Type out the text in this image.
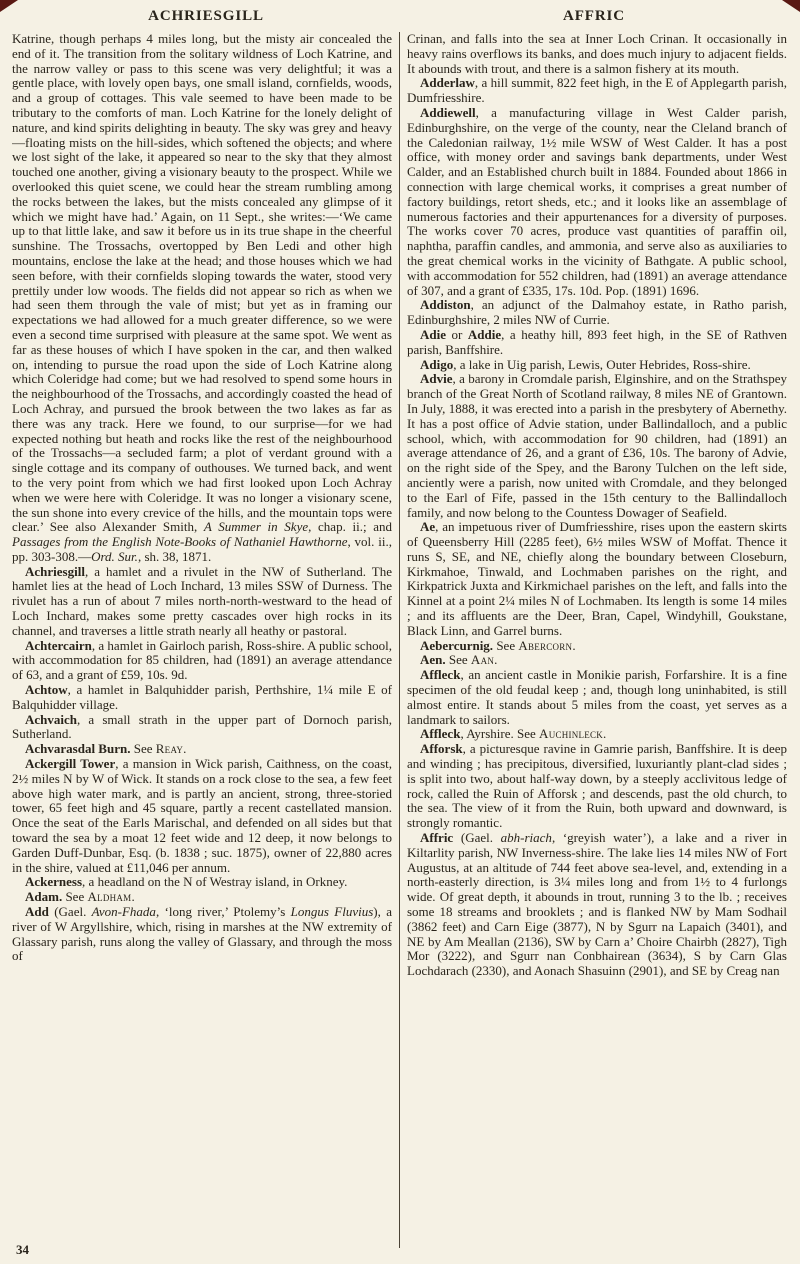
ACHRIESGILL	AFFRIC

Katrine, though perhaps 4 miles long, but the misty air concealed the end of it. The transition from the solitary wildness of Loch Katrine, and the narrow valley or pass to this scene was very delightful; it was a gentle place, with lovely open bays, one small island, cornfields, woods, and a group of cottages. This vale seemed to have been made to be tributary to the comforts of man. Loch Katrine for the lonely delight of nature, and kind spirits delighting in beauty. The sky was grey and heavy—floating mists on the hill-sides, which softened the objects; and where we lost sight of the lake, it appeared so near to the sky that they almost touched one another, giving a visionary beauty to the prospect. While we overlooked this quiet scene, we could hear the stream rumbling among the rocks between the lakes, but the mists concealed any glimpse of it which we might have had.’ Again, on 11 Sept., she writes:—‘We came up to that little lake, and saw it before us in its true shape in the cheerful sunshine. The Trossachs, overtopped by Ben Ledi and other high mountains, enclose the lake at the head; and those houses which we had seen before, with their cornfields sloping towards the water, stood very prettily under low woods. The fields did not appear so rich as when we had seen them through the vale of mist; but yet as in framing our expectations we had allowed for a much greater difference, so we were even a second time surprised with pleasure at the same spot. We went as far as these houses of which I have spoken in the car, and then walked on, intending to pursue the road upon the side of Loch Katrine along which Coleridge had come; but we had resolved to spend some hours in the neighbourhood of the Trossachs, and accordingly coasted the head of Loch Achray, and pursued the brook between the two lakes as far as there was any track. Here we found, to our surprise—for we had expected nothing but heath and rocks like the rest of the neighbourhood of the Trossachs—a secluded farm; a plot of verdant ground with a single cottage and its company of outhouses. We turned back, and went to the very point from which we had first looked upon Loch Achray when we were here with Coleridge. It was no longer a visionary scene, the sun shone into every crevice of the hills, and the mountain tops were clear.’ See also Alexander Smith, A Summer in Skye, chap. ii.; and Passages from the English Note-Books of Nathaniel Hawthorne, vol. ii., pp. 303-308.—Ord. Sur., sh. 38, 1871.

Achriesgill, a hamlet and a rivulet in the NW of Sutherland. The hamlet lies at the head of Loch Inchard, 13 miles SSW of Durness. The rivulet has a run of about 7 miles north-north-westward to the head of Loch Inchard, makes some pretty cascades over high rocks in its channel, and traverses a little strath nearly all heathy or pastoral.

Achtercairn, a hamlet in Gairloch parish, Ross-shire. A public school, with accommodation for 85 children, had (1891) an average attendance of 63, and a grant of £59, 10s. 9d.

Achtow, a hamlet in Balquhidder parish, Perthshire, 1¼ mile E of Balquhidder village.

Achvaich, a small strath in the upper part of Dornoch parish, Sutherland.

Achvarasdal Burn. See Reay.

Ackergill Tower, a mansion in Wick parish, Caithness, on the coast, 2½ miles N by W of Wick. It stands on a rock close to the sea, a few feet above high water mark, and is partly an ancient, strong, three-storied tower, 65 feet high and 45 square, partly a recent castellated mansion. Once the seat of the Earls Marischal, and defended on all sides but that toward the sea by a moat 12 feet wide and 12 deep, it now belongs to Garden Duff-Dunbar, Esq. (b. 1838 ; suc. 1875), owner of 22,880 acres in the shire, valued at £11,046 per annum.

Ackerness, a headland on the N of Westray island, in Orkney.

Adam. See Aldham.

Add (Gael. Avon-Fhada, ‘long river,’ Ptolemy’s Longus Fluvius), a river of W Argyllshire, which, rising in marshes at the NW extremity of Glassary parish, runs along the valley of Glassary, and through the moss of

Crinan, and falls into the sea at Inner Loch Crinan. It occasionally in heavy rains overflows its banks, and does much injury to adjacent fields. It abounds with trout, and there is a salmon fishery at its mouth.

Adderlaw, a hill summit, 822 feet high, in the E of Applegarth parish, Dumfriesshire.

Addiewell, a manufacturing village in West Calder parish, Edinburghshire, on the verge of the county, near the Cleland branch of the Caledonian railway, 1½ mile WSW of West Calder. It has a post office, with money order and savings bank departments, under West Calder, and an Established church built in 1884. Founded about 1866 in connection with large chemical works, it comprises a great number of factory buildings, retort sheds, etc.; and it looks like an assemblage of numerous factories and their appurtenances for a diversity of purposes. The works cover 70 acres, produce vast quantities of paraffin oil, naphtha, paraffin candles, and ammonia, and serve also as auxiliaries to the great chemical works in the vicinity of Bathgate. A public school, with accommodation for 552 children, had (1891) an average attendance of 307, and a grant of £335, 17s. 10d. Pop. (1891) 1696.

Addiston, an adjunct of the Dalmahoy estate, in Ratho parish, Edinburghshire, 2 miles NW of Currie.

Adie or Addie, a heathy hill, 893 feet high, in the SE of Rathven parish, Banffshire.

Adigo, a lake in Uig parish, Lewis, Outer Hebrides, Ross-shire.

Advie, a barony in Cromdale parish, Elginshire, and on the Strathspey branch of the Great North of Scotland railway, 8 miles NE of Grantown. In July, 1888, it was erected into a parish in the presbytery of Abernethy. It has a post office of Advie station, under Ballindalloch, and a public school, which, with accommodation for 90 children, had (1891) an average attendance of 26, and a grant of £36, 10s. The barony of Advie, on the right side of the Spey, and the Barony Tulchen on the left side, anciently were a parish, now united with Cromdale, and they belonged to the Earl of Fife, passed in the 15th century to the Ballindalloch family, and now belong to the Countess Dowager of Seafield.

Ae, an impetuous river of Dumfriesshire, rises upon the eastern skirts of Queensberry Hill (2285 feet), 6½ miles WSW of Moffat. Thence it runs S, SE, and NE, chiefly along the boundary between Closeburn, Kirkmahoe, Tinwald, and Lochmaben parishes on the right, and Kirkpatrick Juxta and Kirkmichael parishes on the left, and falls into the Kinnel at a point 2¼ miles N of Lochmaben. Its length is some 14 miles ; and its affluents are the Deer, Bran, Capel, Windyhill, Goukstane, Black Linn, and Garrel burns.

Aebercurnig. See Abercorn.

Aen. See Aan.

Affleck, an ancient castle in Monikie parish, Forfarshire. It is a fine specimen of the old feudal keep ; and, though long uninhabited, is still almost entire. It stands about 5 miles from the coast, yet serves as a landmark to sailors.

Affleck, Ayrshire. See Auchinleck.

Afforsk, a picturesque ravine in Gamrie parish, Banffshire. It is deep and winding ; has precipitous, diversified, luxuriantly plant-clad sides ; is split into two, about half-way down, by a steeply acclivitous ledge of rock, called the Ruin of Afforsk ; and descends, past the old church, to the sea. The view of it from the Ruin, both upward and downward, is strongly romantic.

Affric (Gael. abh-riach, ‘greyish water’), a lake and a river in Kiltarlity parish, NW Inverness-shire. The lake lies 14 miles NW of Fort Augustus, at an altitude of 744 feet above sea-level, and, extending in a north-easterly direction, is 3¼ miles long and from 1½ to 4 furlongs wide. Of great depth, it abounds in trout, running 3 to the lb. ; receives some 18 streams and brooklets ; and is flanked NW by Mam Sodhail (3862 feet) and Carn Eige (3877), N by Sgurr na Lapaich (3401), and NE by Am Meallan (2136), SW by Carn a’ Choire Chairbh (2827), Tigh Mor (3222), and Sgurr nan Conbhairean (3634), S by Carn Glas Lochdarach (2330), and Aonach Shasuinn (2901), and SE by Creag nan

34
